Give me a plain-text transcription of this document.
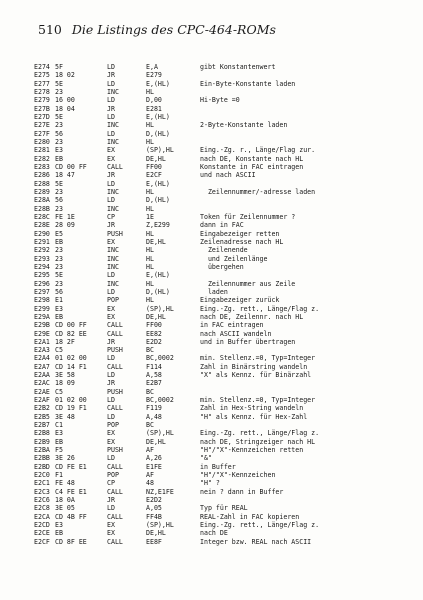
510 Die Listings des CPC-464-ROMs
E274 5F	LD	E,A	gibt Konstantenwert
E275 18 02	JR	E279
E277 5E	LD	E,(HL)	Ein-Byte-Konstante laden
E278 23	INC	HL
E279 16 00	LD	D,00	Hi-Byte =0
E27B 18 04	JR	E281
E27D 5E	LD	E,(HL)
E27E 23	INC	HL	2-Byte-Konstante laden
E27F 56	LD	D,(HL)
E280 23	INC	HL
E281 E3	EX	(SP),HL	Eing.-Zg. r., Länge/Flag zur.
E282 EB	EX	DE,HL	nach DE, Konstante nach HL
E283 CD 00 FF	CALL	FF00	Konstante in FAC eintragen
E286 18 47	JR	E2CF	und nach ASCII
E288 5E	LD	E,(HL)
E289 23	INC	HL	Zeilennummer/-adresse laden
E28A 56	LD	D,(HL)
E28B 23	INC	HL
E28C FE 1E	CP	1E	Token für Zeilennummer ?
E28E 28 09	JR	Z,E299	dann in FAC
E290 E5	PUSH	HL	Eingabezeiger retten
E291 EB	EX	DE,HL	Zeilenadresse nach HL
E292 23	INC	HL	Zeilenende
E293 23	INC	HL	und Zeilenlänge
E294 23	INC	HL	übergehen
E295 5E	LD	E,(HL)
E296 23	INC	HL	Zeilennummer aus Zeile
E297 56	LD	D,(HL)	laden
E298 E1	POP	HL	Eingabezeiger zurück
E299 E3	EX	(SP),HL	Eing.-Zg. rett., Länge/Flag z.
E29A EB	EX	DE,HL	nach DE, Zeilennr. nach HL
E29B CD 00 FF	CALL	FF00	in FAC eintragen
E29E CD 82 EE	CALL	EE82	nach ASCII wandeln
E2A1 18 2F	JR	E2D2	und in Buffer übertragen
E2A3 C5	PUSH	BC
E2A4 01 02 00	LD	BC,0002	min. Stellenz.=0, Typ=Integer
E2A7 CD 14 F1	CALL	F114	Zahl in Binärstring wandeln
E2AA 3E 58	LD	A,58	"X" als Kennz. für Binärzahl
E2AC 18 09	JR	E2B7
E2AE C5	PUSH	BC
E2AF 01 02 00	LD	BC,0002	min. Stellenz.=0, Typ=Integer
E2B2 CD 19 F1	CALL	F119	Zahl in Hex-String wandeln
E2B5 3E 48	LD	A,48	"H" als Kennz. für Hex-Zahl
E2B7 C1	POP	BC
E2B8 E3	EX	(SP),HL	Eing.-Zg. rett., Länge/Flag z.
E2B9 EB	EX	DE,HL	nach DE, Stringzeiger nach HL
E2BA F5	PUSH	AF	"H"/"X"-Kennzeichen retten
E2BB 3E 26	LD	A,26	"&"
E2BD CD FE E1	CALL	E1FE	in Buffer
E2C0 F1	POP	AF	"H"/"X"-Kennzeichen
E2C1 FE 48	CP	48	"H" ?
E2C3 C4 FE E1	CALL	NZ,E1FE	nein ? dann in Buffer
E2C6 18 0A	JR	E2D2
E2C8 3E 05	LD	A,05	Typ für REAL
E2CA CD 4B FF	CALL	FF4B	REAL-Zahl in FAC kopieren
E2CD E3	EX	(SP),HL	Eing.-Zg. rett., Länge/Flag z.
E2CE EB	EX	DE,HL	nach DE
E2CF CD 8F EE	CALL	EE8F	Integer bzw. REAL nach ASCII
